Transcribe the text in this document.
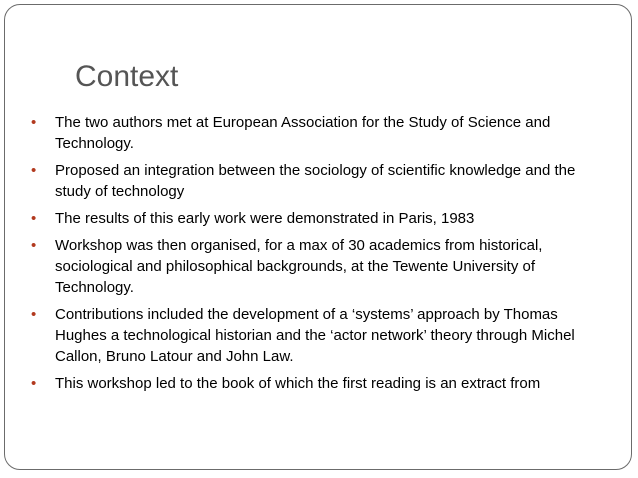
Context
• The two authors met at European Association for the Study of Science and Technology.
• Proposed an integration between the sociology of scientific knowledge and the study of technology
• The results of this early work were demonstrated in Paris, 1983
• Workshop was then organised, for a max of 30 academics from historical, sociological and philosophical backgrounds, at the Tewente University of Technology.
• Contributions included the development of a ‘systems’ approach by Thomas Hughes a technological historian and the ‘actor network’ theory through Michel Callon, Bruno Latour and John Law.
• This workshop led to the book of which the first reading is an extract from
